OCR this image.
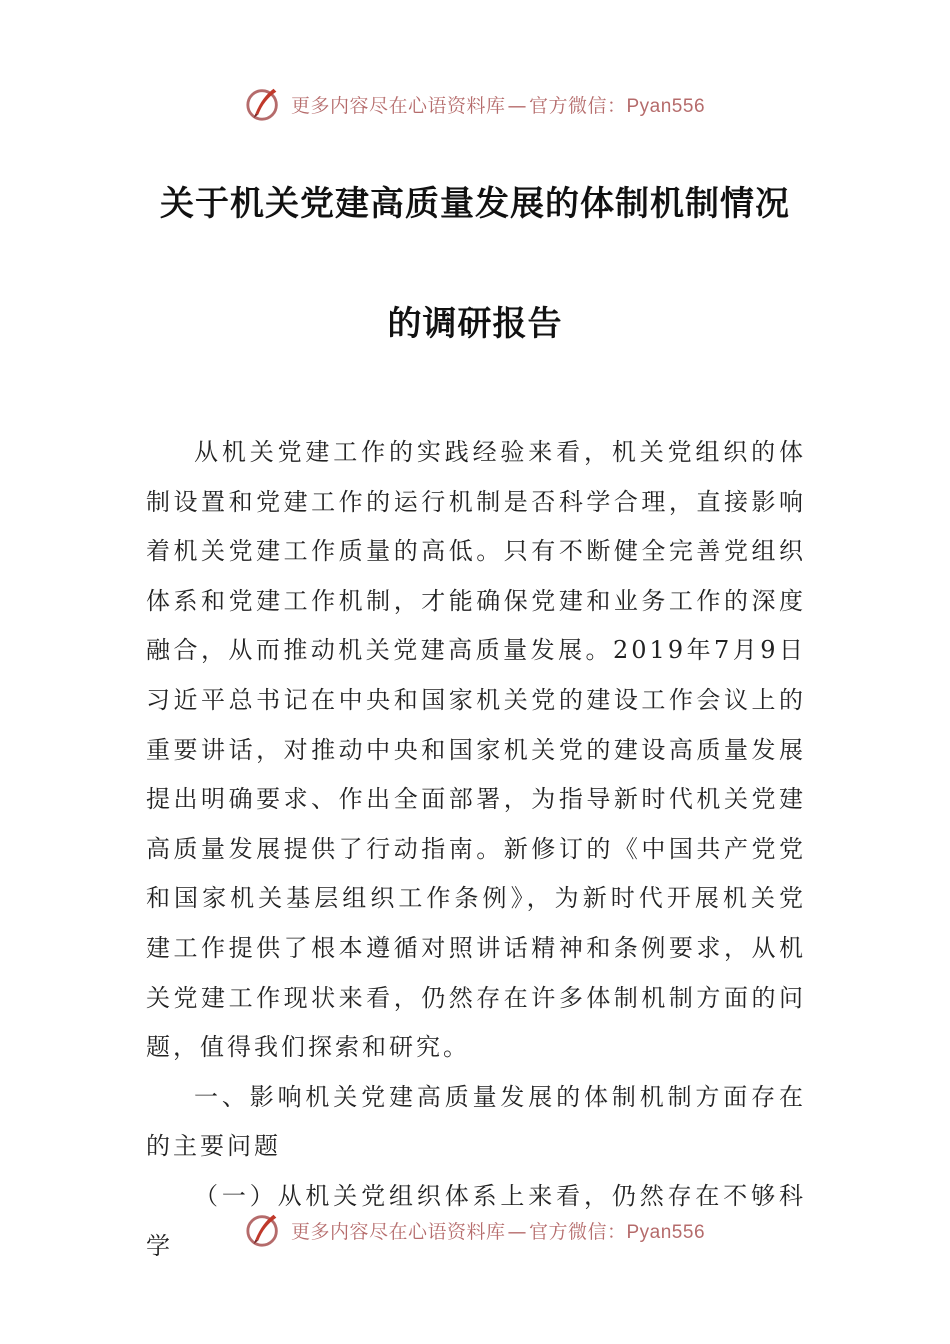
更多内容尽在心语资料库 — 官方微信：Pyan556
关于机关党建高质量发展的体制机制情况
的调研报告

从机关党建工作的实践经验来看，机关党组织的体制设置和党建工作的运行机制是否科学合理，直接影响着机关党建工作质量的高低。只有不断健全完善党组织体系和党建工作机制，才能确保党建和业务工作的深度融合，从而推动机关党建高质量发展。2019年7月9日习近平总书记在中央和国家机关党的建设工作会议上的重要讲话，对推动中央和国家机关党的建设高质量发展提出明确要求、作出全面部署，为指导新时代机关党建高质量发展提供了行动指南。新修订的《中国共产党党和国家机关基层组织工作条例》，为新时代开展机关党建工作提供了根本遵循对照讲话精神和条例要求，从机关党建工作现状来看，仍然存在许多体制机制方面的问题，值得我们探索和研究。

一、影响机关党建高质量发展的体制机制方面存在的主要问题

（一）从机关党组织体系上来看，仍然存在不够科学	更多内容尽在心语资料库 — 官方微信：Pyan556
